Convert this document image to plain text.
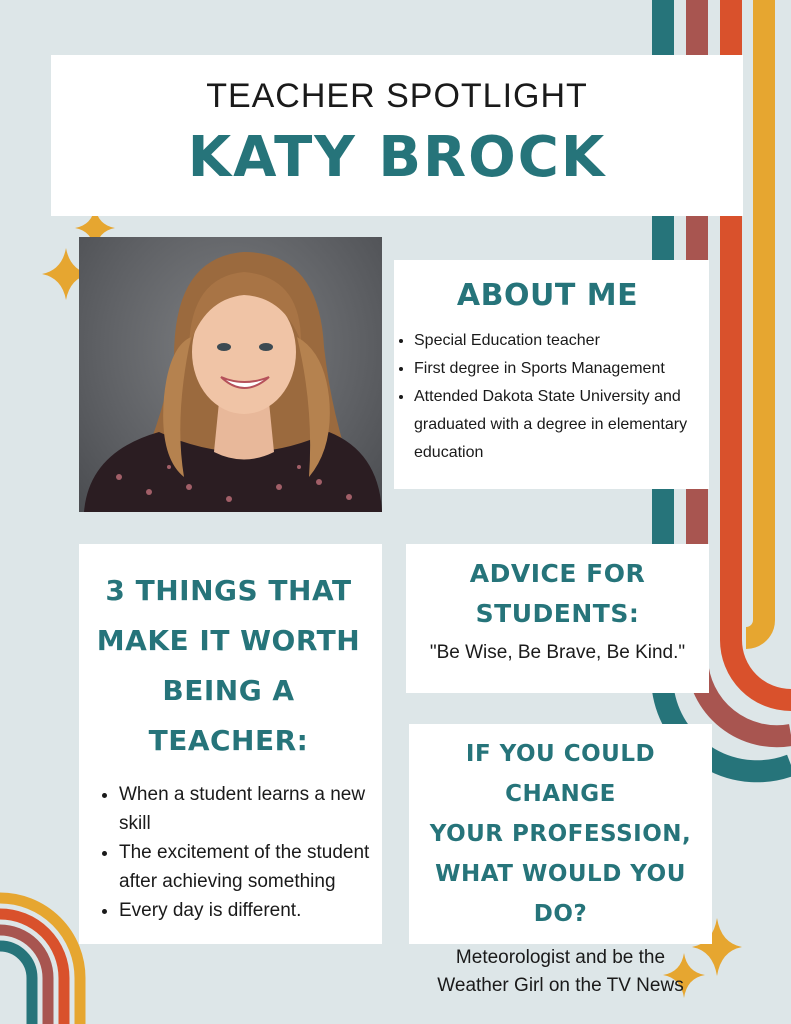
TEACHER SPOTLIGHT
KATY BROCK
ABOUT ME
• Special Education teacher
• First degree in Sports Management
• Attended Dakota State University and graduated with a degree in elementary education
3 THINGS THAT
MAKE IT WORTH
BEING A TEACHER:
• When a student learns a new skill
• The excitement of the student after achieving something
• Every day is different.
ADVICE FOR
STUDENTS:
"Be Wise, Be Brave, Be Kind."
IF YOU COULD CHANGE
YOUR PROFESSION,
WHAT WOULD YOU DO?
Meteorologist and be the Weather Girl on the TV News
